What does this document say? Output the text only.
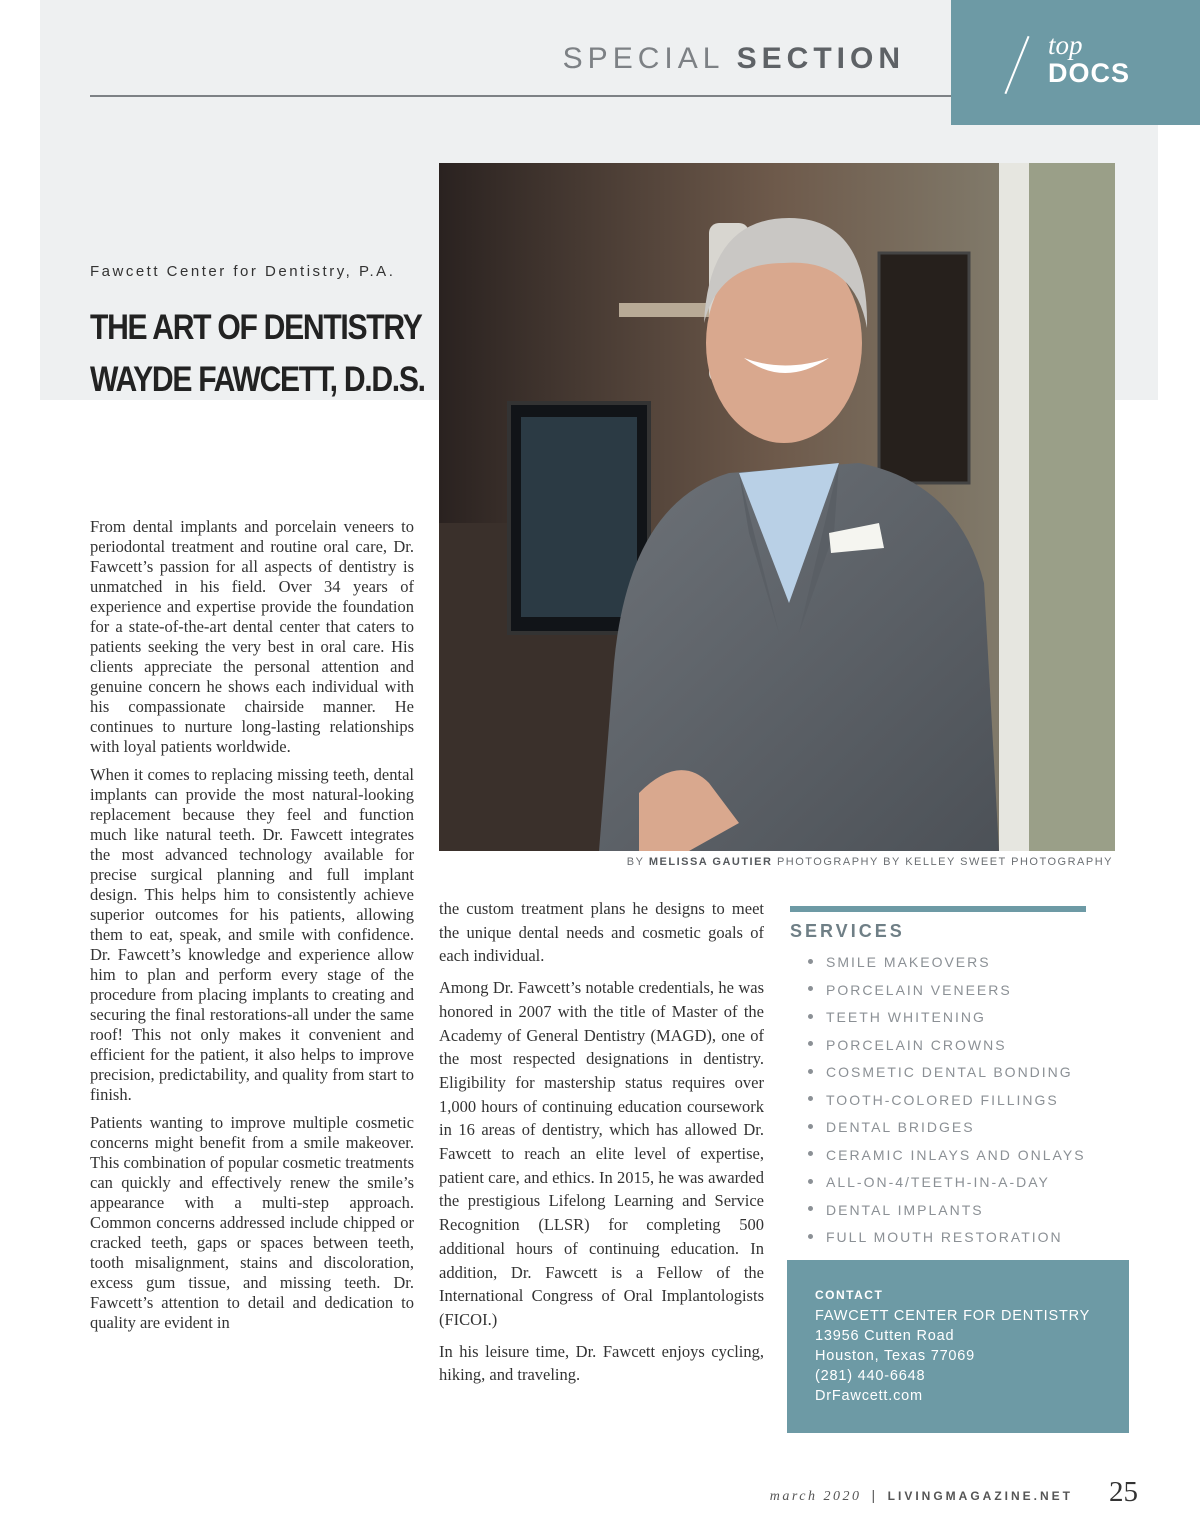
SPECIAL SECTION	top
DOCS
Fawcett Center for Dentistry, P.A.
THE ART OF DENTISTRY
WAYDE FAWCETT, D.D.S.
BY MELISSA GAUTIER PHOTOGRAPHY BY KELLEY SWEET PHOTOGRAPHY

From dental implants and porcelain veneers to periodontal treatment and routine oral care, Dr. Fawcett’s passion for all aspects of dentistry is unmatched in his field. Over 34 years of experience and expertise provide the foundation for a state-of-the-art dental center that caters to patients seeking the very best in oral care. His clients appreciate the personal attention and genuine concern he shows each individual with his compassionate chairside manner. He continues to nurture long-lasting relationships with loyal patients worldwide.

When it comes to replacing missing teeth, dental implants can provide the most natural-looking replacement because they feel and function much like natural teeth. Dr. Fawcett integrates the most advanced technology available for precise surgical planning and full implant design. This helps him to consistently achieve superior outcomes for his patients, allowing them to eat, speak, and smile with confidence. Dr. Fawcett’s knowledge and experience allow him to plan and perform every stage of the procedure from placing implants to creating and securing the final restorations-all under the same roof! This not only makes it convenient and efficient for the patient, it also helps to improve precision, predictability, and quality from start to finish.

Patients wanting to improve multiple cosmetic concerns might benefit from a smile makeover. This combination of popular cosmetic treatments can quickly and effectively renew the smile’s appearance with a multi-step approach. Common concerns addressed include chipped or cracked teeth, gaps or spaces between teeth, tooth misalignment, stains and discoloration, excess gum tissue, and missing teeth. Dr. Fawcett’s attention to detail and dedication to quality are evident in

the custom treatment plans he designs to meet the unique dental needs and cosmetic goals of each individual.

Among Dr. Fawcett’s notable credentials, he was honored in 2007 with the title of Master of the Academy of General Dentistry (MAGD), one of the most respected designations in dentistry. Eligibility for mastership status requires over 1,000 hours of continuing education coursework in 16 areas of dentistry, which has allowed Dr. Fawcett to reach an elite level of expertise, patient care, and ethics. In 2015, he was awarded the prestigious Lifelong Learning and Service Recognition (LLSR) for completing 500 additional hours of continuing education. In addition, Dr. Fawcett is a Fellow of the International Congress of Oral Implantologists (FICOI.)

In his leisure time, Dr. Fawcett enjoys cycling, hiking, and traveling.

SERVICES
SMILE MAKEOVERS
PORCELAIN VENEERS
TEETH WHITENING
PORCELAIN CROWNS
COSMETIC DENTAL BONDING
TOOTH-COLORED FILLINGS
DENTAL BRIDGES
CERAMIC INLAYS AND ONLAYS
ALL-ON-4/TEETH-IN-A-DAY
DENTAL IMPLANTS
FULL MOUTH RESTORATION
CONTACT
FAWCETT CENTER FOR DENTISTRY
13956 Cutten Road
Houston, Texas 77069
(281) 440-6648
DrFawcett.com
march 2020 | LIVINGMAGAZINE.NET 25
